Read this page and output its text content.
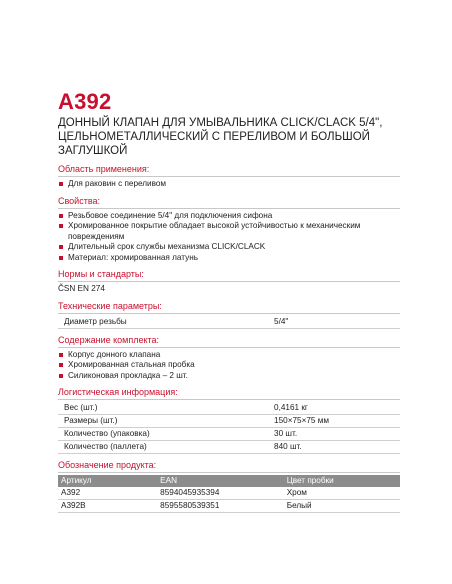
A392
ДОННЫЙ КЛАПАН ДЛЯ УМЫВАЛЬНИКА CLICK/CLACK 5/4", ЦЕЛЬНОМЕТАЛЛИЧЕСКИЙ С ПЕРЕЛИВОМ И БОЛЬШОЙ ЗАГЛУШКОЙ
Область применения:
Для раковин с переливом
Свойства:
Резьбовое соединение 5/4" для подключения сифона
Хромированное покрытие обладает высокой устойчивостью к механическим повреждениям
Длительный срок службы механизма CLICK/CLACK
Материал: хромированная латунь
Нормы и стандарты:
ČSN EN 274
Технические параметры:
Диаметр резьбы	5/4"
Содержание комплекта:
Корпус донного клапана
Хромированная стальная пробка
Силиконовая прокладка – 2 шт.
Логистическая информация:
Вес (шт.)	0,4161 кг
Размеры (шт.)	150×75×75 мм
Количество (упаковка)	30 шт.
Количество (паллета)	840 шт.
Обозначение продукта:
Артикул	EAN	Цвет пробки
A392	8594045935394	Хром
A392B	8595580539351	Белый
